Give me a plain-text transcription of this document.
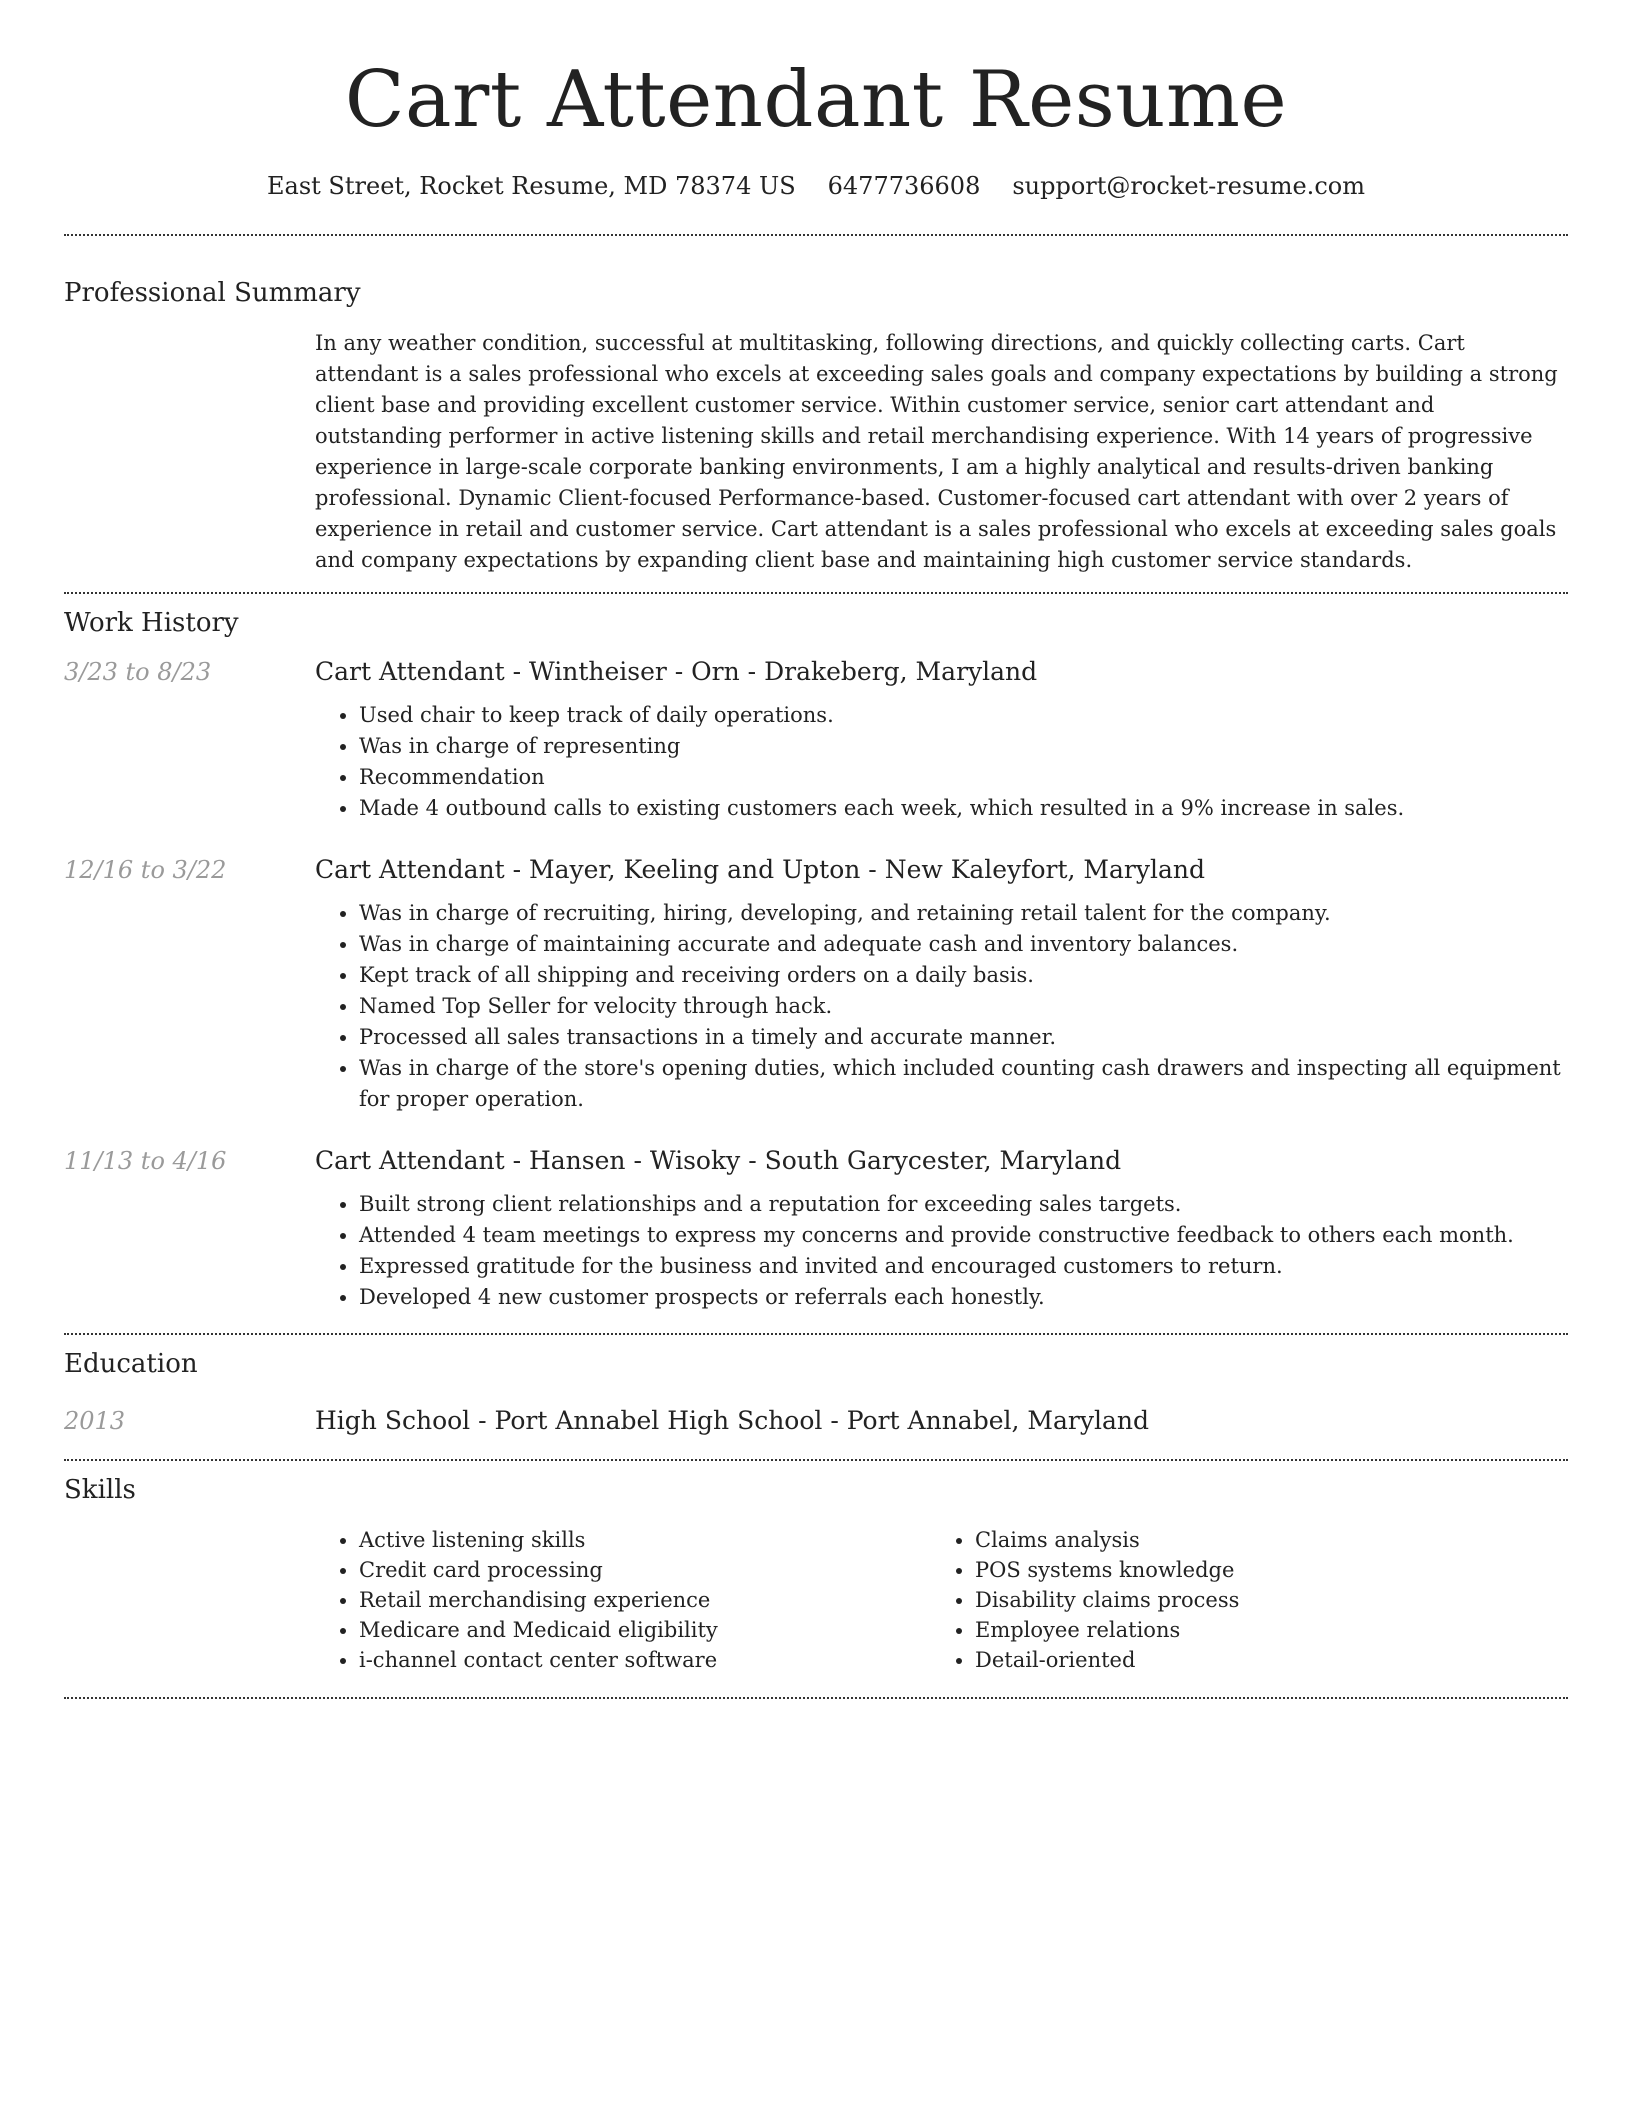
Cart Attendant Resume
East Street, Rocket Resume, MD 78374 US 6477736608 support@rocket-resume.com
Professional Summary
In any weather condition, successful at multitasking, following directions, and quickly collecting carts. Cart attendant is a sales professional who excels at exceeding sales goals and company expectations by building a strong client base and providing excellent customer service. Within customer service, senior cart attendant and outstanding performer in active listening skills and retail merchandising experience. With 14 years of progressive experience in large-scale corporate banking environments, I am a highly analytical and results-driven banking professional. Dynamic Client-focused Performance-based. Customer-focused cart attendant with over 2 years of experience in retail and customer service. Cart attendant is a sales professional who excels at exceeding sales goals and company expectations by expanding client base and maintaining high customer service standards.
Work History
3/23 to 8/23	Cart Attendant - Wintheiser - Orn - Drakeberg, Maryland
• Used chair to keep track of daily operations.
• Was in charge of representing
• Recommendation
• Made 4 outbound calls to existing customers each week, which resulted in a 9% increase in sales.
12/16 to 3/22	Cart Attendant - Mayer, Keeling and Upton - New Kaleyfort, Maryland
• Was in charge of recruiting, hiring, developing, and retaining retail talent for the company.
• Was in charge of maintaining accurate and adequate cash and inventory balances.
• Kept track of all shipping and receiving orders on a daily basis.
• Named Top Seller for velocity through hack.
• Processed all sales transactions in a timely and accurate manner.
• Was in charge of the store's opening duties, which included counting cash drawers and inspecting all equipment for proper operation.
11/13 to 4/16	Cart Attendant - Hansen - Wisoky - South Garycester, Maryland
• Built strong client relationships and a reputation for exceeding sales targets.
• Attended 4 team meetings to express my concerns and provide constructive feedback to others each month.
• Expressed gratitude for the business and invited and encouraged customers to return.
• Developed 4 new customer prospects or referrals each honestly.
Education
2013	High School - Port Annabel High School - Port Annabel, Maryland
Skills
• Active listening skills
• Credit card processing
• Retail merchandising experience
• Medicare and Medicaid eligibility
• i-channel contact center software
• Claims analysis
• POS systems knowledge
• Disability claims process
• Employee relations
• Detail-oriented
